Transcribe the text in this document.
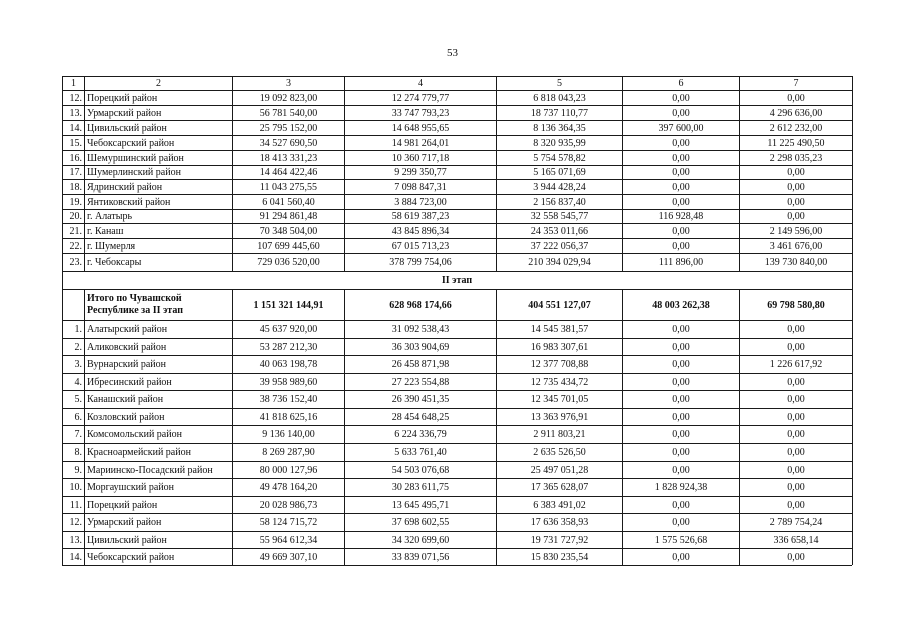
53
1	2	3	4	5	6	7
12. Порецкий район	19 092 823,00	12 274 779,77	6 818 043,23	0,00	0,00
13. Урмарский район	56 781 540,00	33 747 793,23	18 737 110,77	0,00	4 296 636,00
14. Цивильский район	25 795 152,00	14 648 955,65	8 136 364,35	397 600,00	2 612 232,00
15. Чебоксарский район	34 527 690,50	14 981 264,01	8 320 935,99	0,00	11 225 490,50
16. Шемуршинский район	18 413 331,23	10 360 717,18	5 754 578,82	0,00	2 298 035,23
17. Шумерлинский район	14 464 422,46	9 299 350,77	5 165 071,69	0,00	0,00
18. Ядринский район	11 043 275,55	7 098 847,31	3 944 428,24	0,00	0,00
19. Янтиковский район	6 041 560,40	3 884 723,00	2 156 837,40	0,00	0,00
20. г. Алатырь	91 294 861,48	58 619 387,23	32 558 545,77	116 928,48	0,00
21. г. Канаш	70 348 504,00	43 845 896,34	24 353 011,66	0,00	2 149 596,00
22. г. Шумерля	107 699 445,60	67 015 713,23	37 222 056,37	0,00	3 461 676,00
23. г. Чебоксары	729 036 520,00	378 799 754,06	210 394 029,94	111 896,00	139 730 840,00
II этап
Итого по Чувашской Республике за II этап	1 151 321 144,91	628 968 174,66	404 551 127,07	48 003 262,38	69 798 580,80
1. Алатырский район	45 637 920,00	31 092 538,43	14 545 381,57	0,00	0,00
2. Аликовский район	53 287 212,30	36 303 904,69	16 983 307,61	0,00	0,00
3. Вурнарский район	40 063 198,78	26 458 871,98	12 377 708,88	0,00	1 226 617,92
4. Ибресинский район	39 958 989,60	27 223 554,88	12 735 434,72	0,00	0,00
5. Канашский район	38 736 152,40	26 390 451,35	12 345 701,05	0,00	0,00
6. Козловский район	41 818 625,16	28 454 648,25	13 363 976,91	0,00	0,00
7. Комсомольский район	9 136 140,00	6 224 336,79	2 911 803,21	0,00	0,00
8. Красноармейский район	8 269 287,90	5 633 761,40	2 635 526,50	0,00	0,00
9. Мариинско-Посадский район	80 000 127,96	54 503 076,68	25 497 051,28	0,00	0,00
10. Моргаушский район	49 478 164,20	30 283 611,75	17 365 628,07	1 828 924,38	0,00
11. Порецкий район	20 028 986,73	13 645 495,71	6 383 491,02	0,00	0,00
12. Урмарский район	58 124 715,72	37 698 602,55	17 636 358,93	0,00	2 789 754,24
13. Цивильский район	55 964 612,34	34 320 699,60	19 731 727,92	1 575 526,68	336 658,14
14. Чебоксарский район	49 669 307,10	33 839 071,56	15 830 235,54	0,00	0,00
